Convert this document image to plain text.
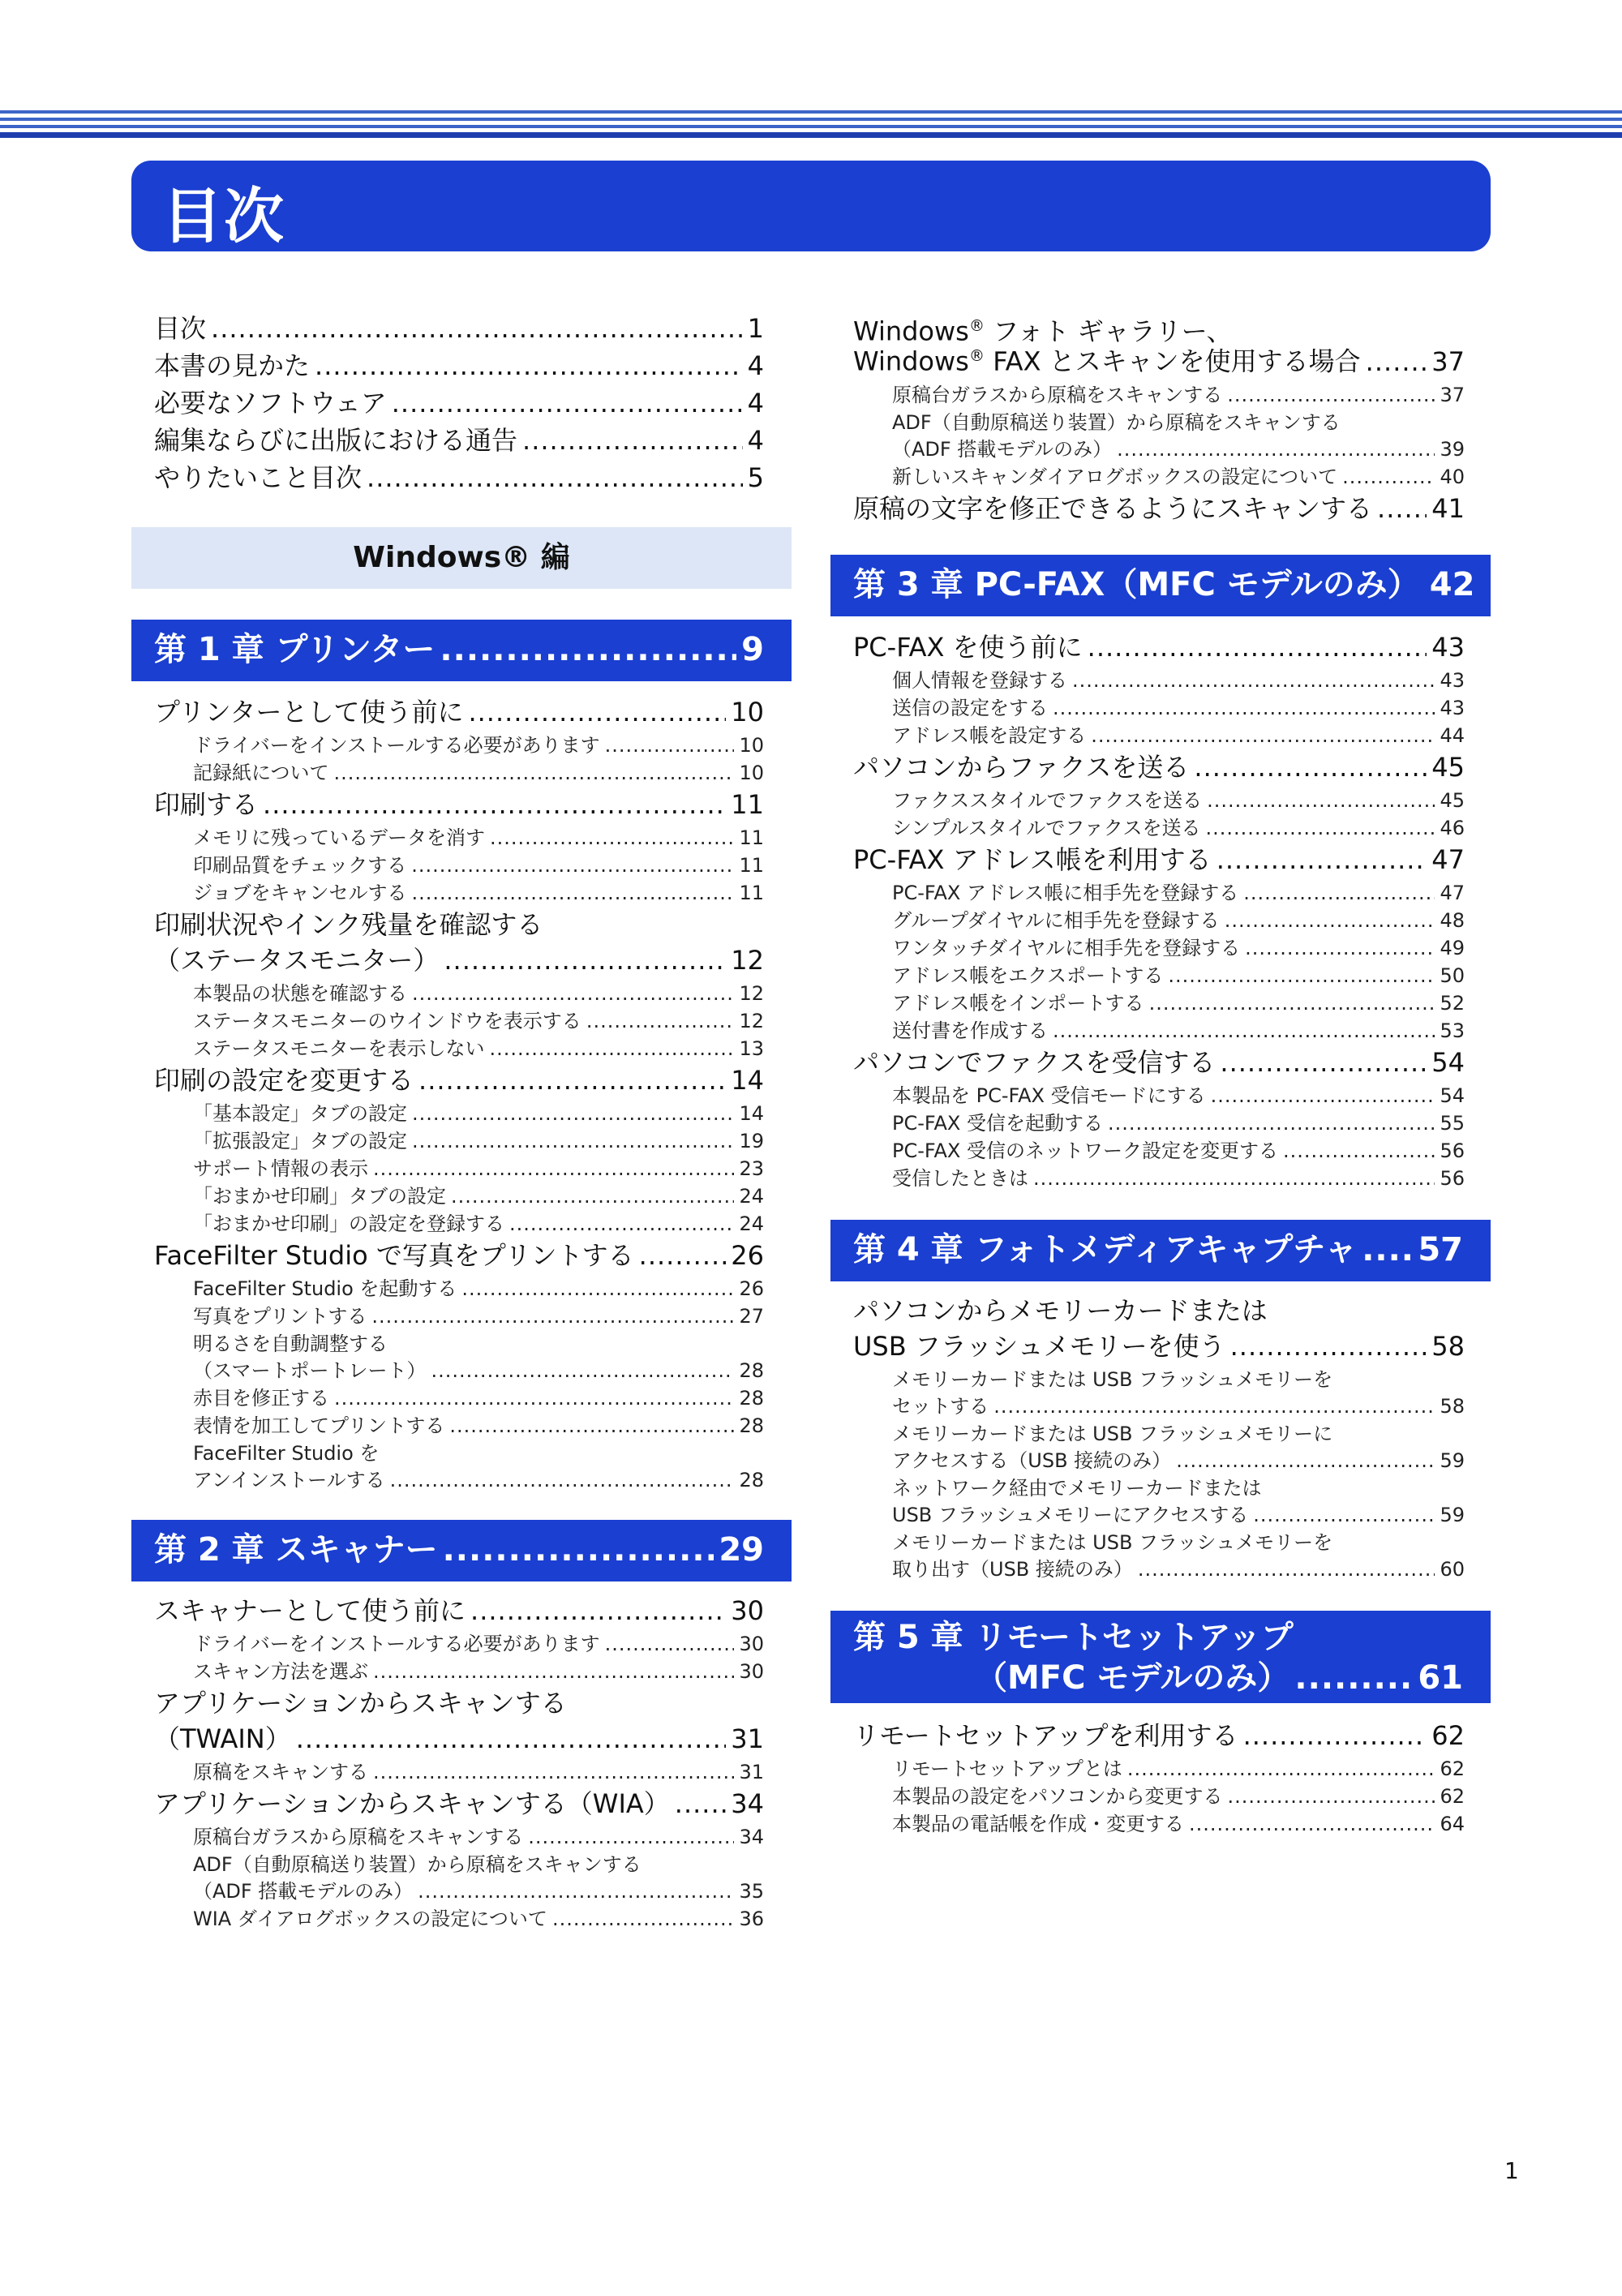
目次
目次 .....	1
本書の見かた .....	4
必要なソフトウェア .....	4
編集ならびに出版における通告 .....	4
やりたいこと目次 .....	5
Windows® 編
第 1 章 プリンター .....	9
プリンターとして使う前に .....	10
ドライバーをインストールする必要があります .....	10
記録紙について .....	10
印刷する .....	11
メモリに残っているデータを消す .....	11
印刷品質をチェックする .....	11
ジョブをキャンセルする .....	11
印刷状況やインク残量を確認する
（ステータスモニター） .....	12
本製品の状態を確認する .....	12
ステータスモニターのウインドウを表示する .....	12
ステータスモニターを表示しない .....	13
印刷の設定を変更する .....	14
「基本設定」タブの設定 .....	14
「拡張設定」タブの設定 .....	19
サポート情報の表示 .....	23
「おまかせ印刷」タブの設定 .....	24
「おまかせ印刷」の設定を登録する .....	24
FaceFilter Studio で写真をプリントする .....	26
FaceFilter Studio を起動する .....	26
写真をプリントする .....	27
明るさを自動調整する
（スマートポートレート） .....	28
赤目を修正する .....	28
表情を加工してプリントする .....	28
FaceFilter Studio を
アンインストールする .....	28
第 2 章 スキャナー .....	29
スキャナーとして使う前に .....	30
ドライバーをインストールする必要があります .....	30
スキャン方法を選ぶ .....	30
アプリケーションからスキャンする
（TWAIN） .....	31
原稿をスキャンする .....	31
アプリケーションからスキャンする（WIA） ..... 34
原稿台ガラスから原稿をスキャンする .....	34
ADF（自動原稿送り装置）から原稿をスキャンする
（ADF 搭載モデルのみ） .....	35
WIA ダイアログボックスの設定について .....	36
Windows® フォト ギャラリー、
Windows® FAX とスキャンを使用する場合 .....	37
原稿台ガラスから原稿をスキャンする .....	37
ADF（自動原稿送り装置）から原稿をスキャンする
（ADF 搭載モデルのみ） .....	39
新しいスキャンダイアログボックスの設定について .....	40
原稿の文字を修正できるようにスキャンする ..... 41
第 3 章 PC-FAX（MFC モデルのみ） 42
PC-FAX を使う前に .....	43
個人情報を登録する .....	43
送信の設定をする .....	43
アドレス帳を設定する .....	44
パソコンからファクスを送る .....	45
ファクススタイルでファクスを送る .....	45
シンプルスタイルでファクスを送る .....	46
PC-FAX アドレス帳を利用する .....	47
PC-FAX アドレス帳に相手先を登録する .....	47
グループダイヤルに相手先を登録する .....	48
ワンタッチダイヤルに相手先を登録する .....	49
アドレス帳をエクスポートする .....	50
アドレス帳をインポートする .....	52
送付書を作成する .....	53
パソコンでファクスを受信する .....	54
本製品を PC-FAX 受信モードにする .....	54
PC-FAX 受信を起動する .....	55
PC-FAX 受信のネットワーク設定を変更する .....	56
受信したときは .....	56
第 4 章 フォトメディアキャプチャ ..... 57
パソコンからメモリーカードまたは
USB フラッシュメモリーを使う .....	58
メモリーカードまたは USB フラッシュメモリーを
セットする .....	58
メモリーカードまたは USB フラッシュメモリーに
アクセスする（USB 接続のみ） .....	59
ネットワーク経由でメモリーカードまたは
USB フラッシュメモリーにアクセスする .....	59
メモリーカードまたは USB フラッシュメモリーを
取り出す（USB 接続のみ） .....	60
第 5 章 リモートセットアップ
（MFC モデルのみ） .....	61
リモートセットアップを利用する .....	62
リモートセットアップとは .....	62
本製品の設定をパソコンから変更する .....	62
本製品の電話帳を作成・変更する .....	64
1
